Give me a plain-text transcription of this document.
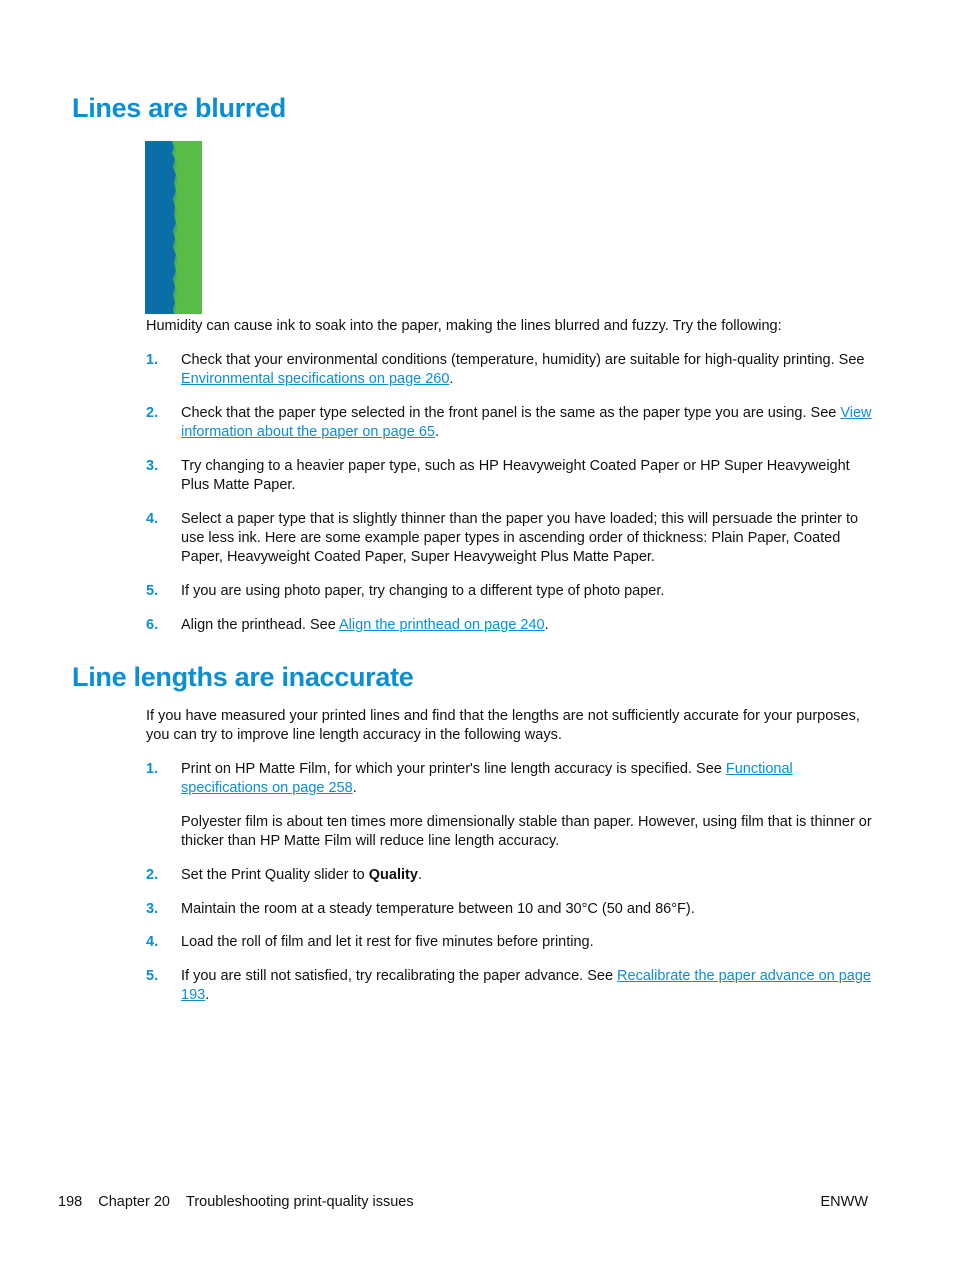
Lines are blurred

Humidity can cause ink to soak into the paper, making the lines blurred and fuzzy. Try the following:

1. Check that your environmental conditions (temperature, humidity) are suitable for high-quality printing. See Environmental specifications on page 260.

2. Check that the paper type selected in the front panel is the same as the paper type you are using. See View information about the paper on page 65.

3. Try changing to a heavier paper type, such as HP Heavyweight Coated Paper or HP Super Heavyweight Plus Matte Paper.

4. Select a paper type that is slightly thinner than the paper you have loaded; this will persuade the printer to use less ink. Here are some example paper types in ascending order of thickness: Plain Paper, Coated Paper, Heavyweight Coated Paper, Super Heavyweight Plus Matte Paper.

5. If you are using photo paper, try changing to a different type of photo paper.

6. Align the printhead. See Align the printhead on page 240.

Line lengths are inaccurate

If you have measured your printed lines and find that the lengths are not sufficiently accurate for your purposes, you can try to improve line length accuracy in the following ways.

1. Print on HP Matte Film, for which your printer's line length accuracy is specified. See Functional specifications on page 258.

Polyester film is about ten times more dimensionally stable than paper. However, using film that is thinner or thicker than HP Matte Film will reduce line length accuracy.

2. Set the Print Quality slider to Quality.

3. Maintain the room at a steady temperature between 10 and 30°C (50 and 86°F).

4. Load the roll of film and let it rest for five minutes before printing.

5. If you are still not satisfied, try recalibrating the paper advance. See Recalibrate the paper advance on page 193.

198 Chapter 20 Troubleshooting print-quality issues	ENWW
